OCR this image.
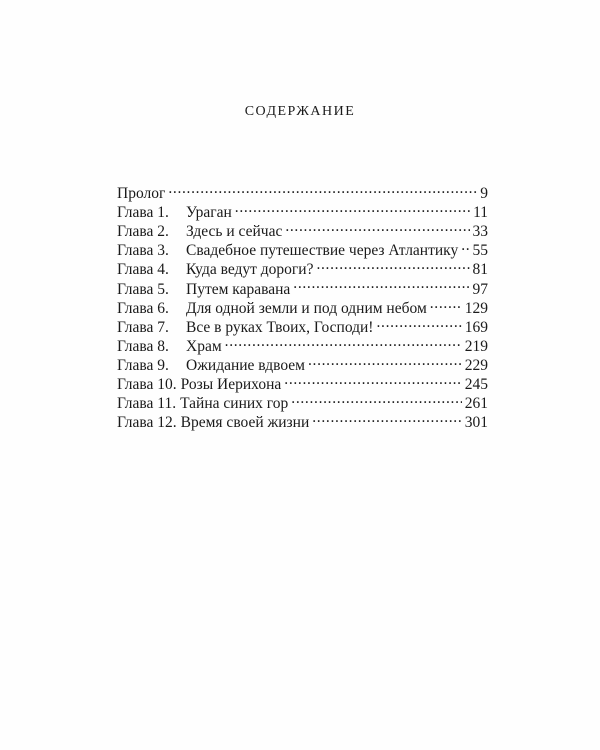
СОДЕРЖАНИЕ
Пролог . . .	9
Глава 1.	Ураган . . .	11
Глава 2.	Здесь и сейчас . . .	33
Глава 3.	Свадебное путешествие через Атлантику . . . 55
Глава 4.	Куда ведут дороги? . . .	81
Глава 5.	Путем каравана . . .	97
Глава 6.	Для одной земли и под одним небом . . . 129
Глава 7.	Все в руках Твоих, Господи! . . .	169
Глава 8.	Храм . . .	219
Глава 9.	Ожидание вдвоем . . .	229
Глава 10. Розы Иерихона . . .	245
Глава 11. Тайна синих гор . . .	261
Глава 12. Время своей жизни . . .	301
